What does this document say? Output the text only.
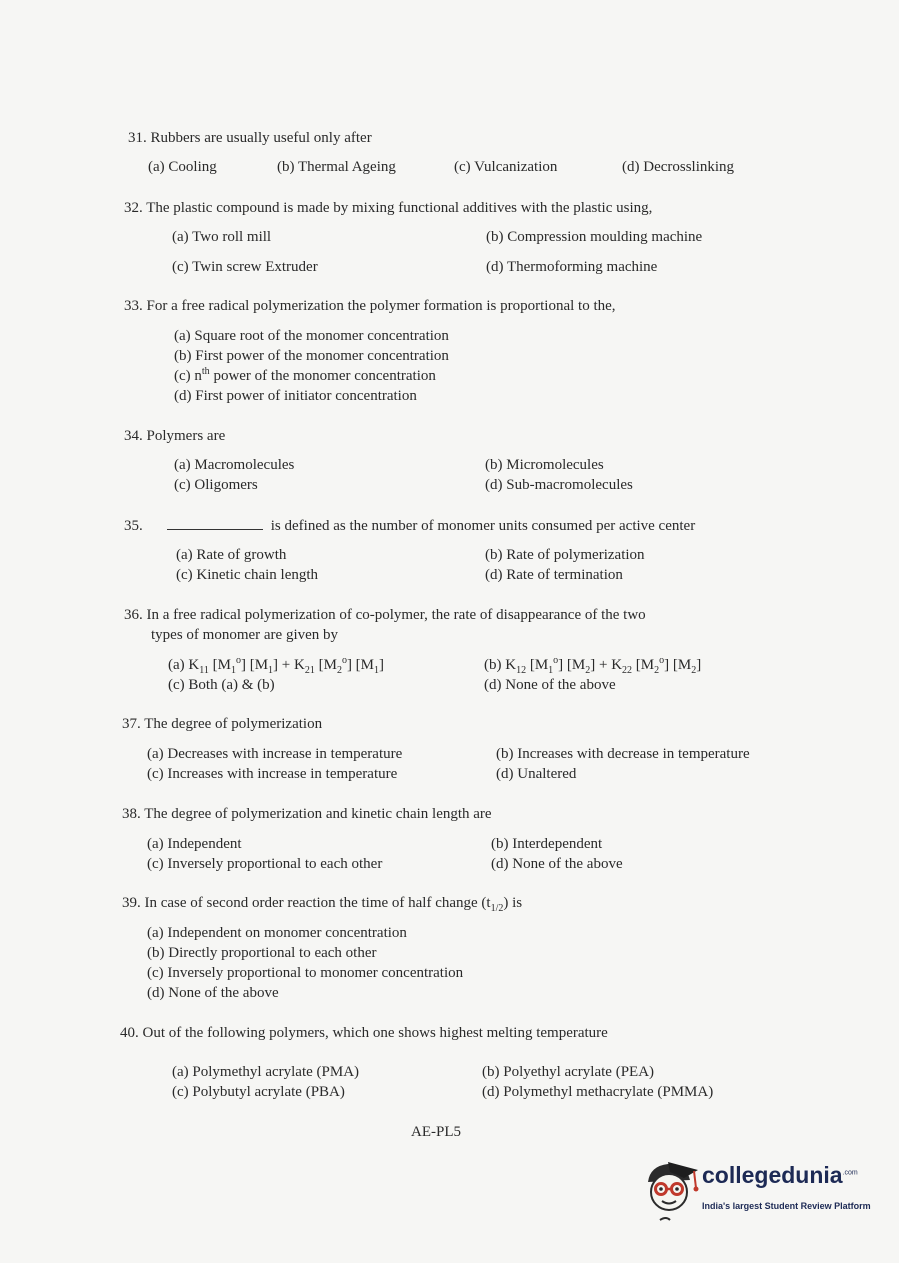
31. Rubbers are usually useful only after
(a) Cooling	(b) Thermal Ageing	(c) Vulcanization	(d) Decrosslinking
32. The plastic compound is made by mixing functional additives with the plastic using,
(a) Two roll mill	(b) Compression moulding machine
(c) Twin screw Extruder	(d) Thermoforming machine
33. For a free radical polymerization the polymer formation is proportional to the,
(a) Square root of the monomer concentration
(b) First power of the monomer concentration
(c) $n^{th}$ power of the monomer concentration
(d) First power of initiator concentration
34. Polymers are
(a) Macromolecules	(b) Micromolecules
(c) Oligomers	(d) Sub-macromolecules
35.	is defined as the number of monomer units consumed per active center
(a) Rate of growth	(b) Rate of polymerization
(c) Kinetic chain length	(d) Rate of termination
36. In a free radical polymerization of co-polymer, the rate of disappearance of the two
types of monomer are given by
(a) $K_{11}$ $[M_1^o] [M_1] + K_{21}$ $[M_2^o]$ $[M_1]$	(b) $K_{12}$ $[M_1^o] [M_2] + K_{22}$ $[M_2^o]$ $[M_2]$
(c) Both (a) & (b)	(d) None of the above
37. The degree of polymerization
(a) Decreases with increase in temperature	(b) Increases with decrease in temperature
(c) Increases with increase in temperature	(d) Unaltered
38. The degree of polymerization and kinetic chain length are
(a) Independent	(b) Interdependent
(c) Inversely proportional to each other	(d) None of the above
39. In case of second order reaction the time of half change $(t_{1/2})$ is
(a) Independent on monomer concentration
(b) Directly proportional to each other
(c) Inversely proportional to monomer concentration
(d) None of the above
40. Out of the following polymers, which one shows highest melting temperature
(a) Polymethyl acrylate (PMA)	(b) Polyethyl acrylate (PEA)
(c) Polybutyl acrylate (PBA)	(d) Polymethyl methacrylate (PMMA)
AE-PL5
collegedunia$^{.com}$
India's largest Student Review Platform
